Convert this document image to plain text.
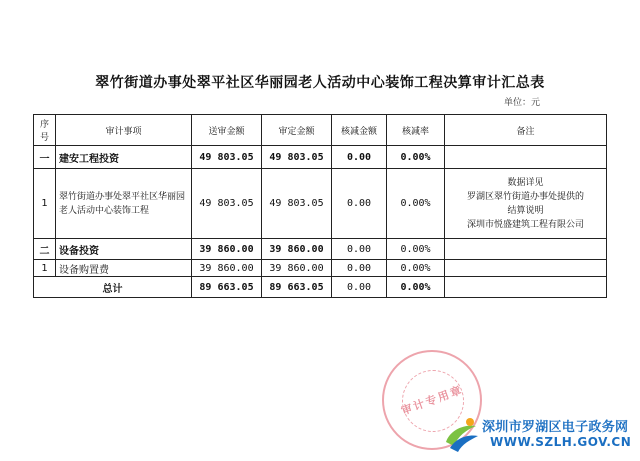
翠竹街道办事处翠平社区华丽园老人活动中心装饰工程决算审计汇总表
单位：元
序号	审计事项	送审金额	审定金额	核减金额	核减率	备注
一	建安工程投资	49 803.05	49 803.05	0.00	0.00%	
1	翠竹街道办事处翠平社区华丽园老人活动中心装饰工程	49 803.05	49 803.05	0.00	0.00%	数据详见
罗湖区翠竹街道办事处提供的
结算说明
深圳市悦盛建筑工程有限公司

二	设备投资	39 860.00	39 860.00	0.00	0.00%	
1	设备购置费	39 860.00	39 860.00	0.00	0.00%	
总计		89 663.05	89 663.05	0.00	0.00%	
审计专用章
深圳市罗湖区电子政务网
WWW.SZLH.GOV.CN
